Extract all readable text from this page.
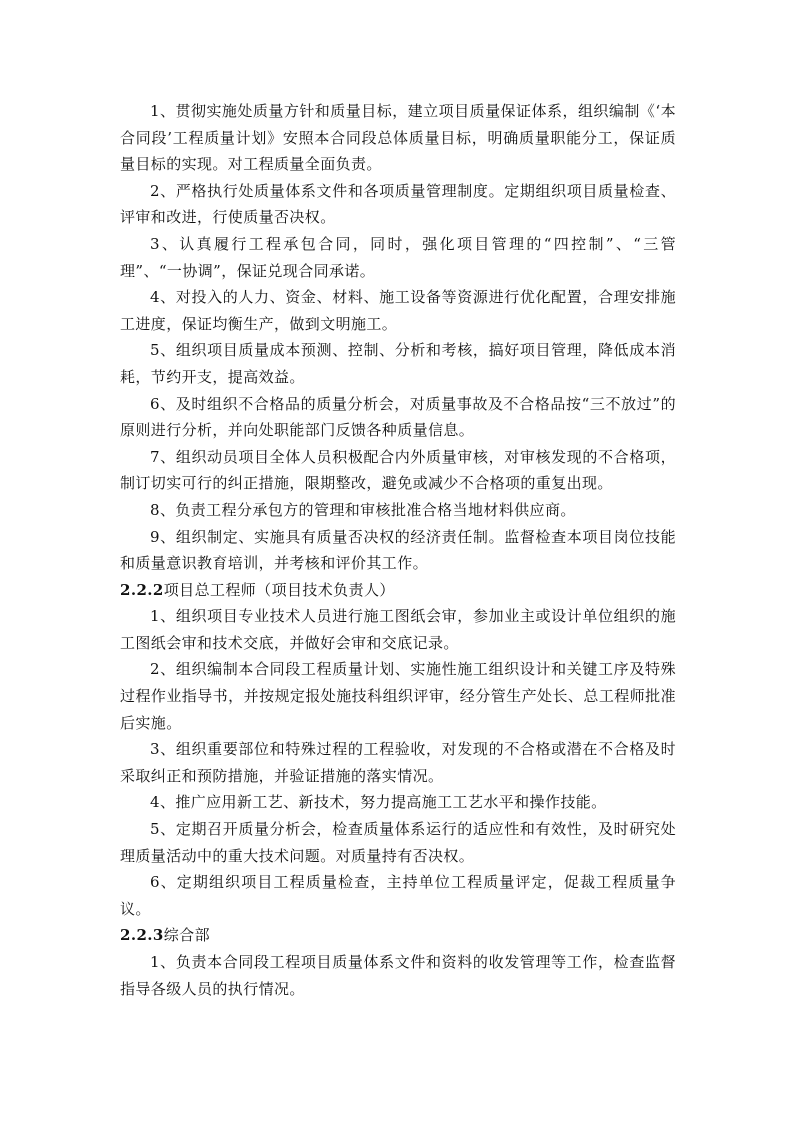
1、贯彻实施处质量方针和质量目标，建立项目质量保证体系，组织编制《‘本合同段’工程质量计划》安照本合同段总体质量目标，明确质量职能分工，保证质量目标的实现。对工程质量全面负责。

2、严格执行处质量体系文件和各项质量管理制度。定期组织项目质量检查、评审和改进，行使质量否决权。

3、认真履行工程承包合同，同时，强化项目管理的“四控制”、“三管理”、“一协调”，保证兑现合同承诺。

4、对投入的人力、资金、材料、施工设备等资源进行优化配置，合理安排施工进度，保证均衡生产，做到文明施工。

5、组织项目质量成本预测、控制、分析和考核，搞好项目管理，降低成本消耗，节约开支，提高效益。

6、及时组织不合格品的质量分析会，对质量事故及不合格品按“三不放过”的原则进行分析，并向处职能部门反馈各种质量信息。

7、组织动员项目全体人员积极配合内外质量审核，对审核发现的不合格项，制订切实可行的纠正措施，限期整改，避免或减少不合格项的重复出现。

8、负责工程分承包方的管理和审核批准合格当地材料供应商。

9、组织制定、实施具有质量否决权的经济责任制。监督检查本项目岗位技能和质量意识教育培训，并考核和评价其工作。

2.2.2项目总工程师（项目技术负责人）

1、组织项目专业技术人员进行施工图纸会审，参加业主或设计单位组织的施工图纸会审和技术交底，并做好会审和交底记录。

2、组织编制本合同段工程质量计划、实施性施工组织设计和关键工序及特殊过程作业指导书，并按规定报处施技科组织评审，经分管生产处长、总工程师批准后实施。

3、组织重要部位和特殊过程的工程验收，对发现的不合格或潜在不合格及时采取纠正和预防措施，并验证措施的落实情况。

4、推广应用新工艺、新技术，努力提高施工工艺水平和操作技能。

5、定期召开质量分析会，检查质量体系运行的适应性和有效性，及时研究处理质量活动中的重大技术问题。对质量持有否决权。

6、定期组织项目工程质量检查，主持单位工程质量评定，促裁工程质量争议。

2.2.3综合部

1、负责本合同段工程项目质量体系文件和资料的收发管理等工作，检查监督指导各级人员的执行情况。
